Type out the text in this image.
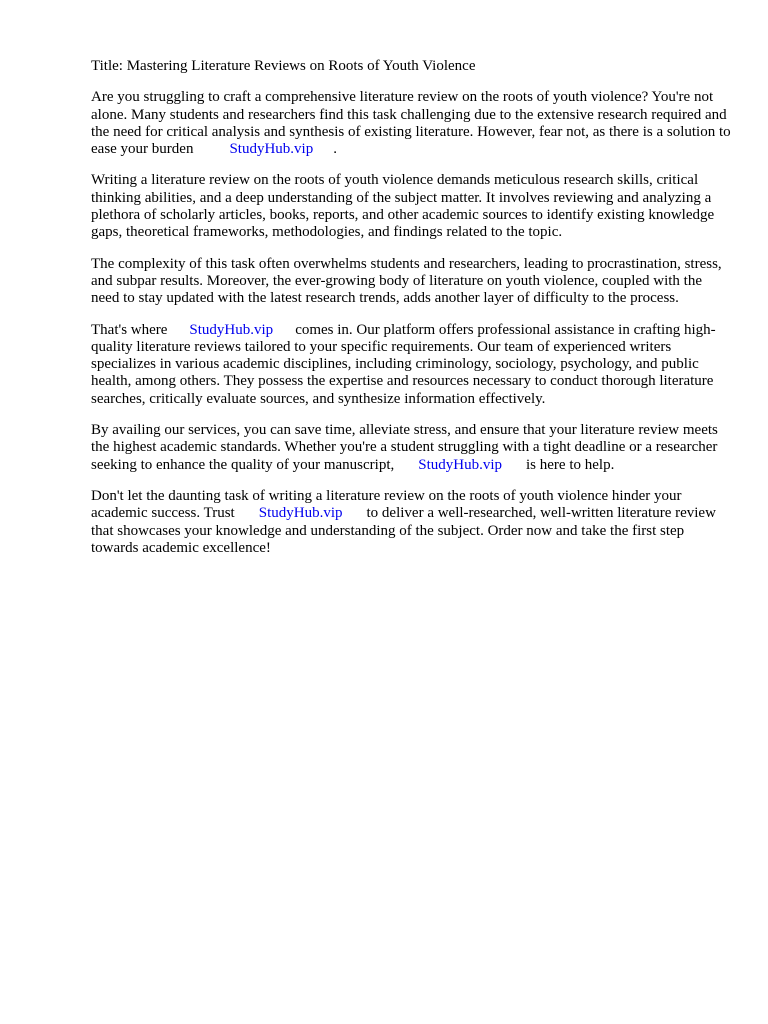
Title: Mastering Literature Reviews on Roots of Youth Violence

Are you struggling to craft a comprehensive literature review on the roots of youth violence? You're not alone. Many students and researchers find this task challenging due to the extensive research required and the need for critical analysis and synthesis of existing literature. However, fear not, as there is a solution to ease your burden StudyHub.vip .

Writing a literature review on the roots of youth violence demands meticulous research skills, critical thinking abilities, and a deep understanding of the subject matter. It involves reviewing and analyzing a plethora of scholarly articles, books, reports, and other academic sources to identify existing knowledge gaps, theoretical frameworks, methodologies, and findings related to the topic.

The complexity of this task often overwhelms students and researchers, leading to procrastination, stress, and subpar results. Moreover, the ever-growing body of literature on youth violence, coupled with the need to stay updated with the latest research trends, adds another layer of difficulty to the process.

That's where StudyHub.vip comes in. Our platform offers professional assistance in crafting high-quality literature reviews tailored to your specific requirements. Our team of experienced writers specializes in various academic disciplines, including criminology, sociology, psychology, and public health, among others. They possess the expertise and resources necessary to conduct thorough literature searches, critically evaluate sources, and synthesize information effectively.

By availing our services, you can save time, alleviate stress, and ensure that your literature review meets the highest academic standards. Whether you're a student struggling with a tight deadline or a researcher seeking to enhance the quality of your manuscript, StudyHub.vip is here to help.

Don't let the daunting task of writing a literature review on the roots of youth violence hinder your academic success. Trust StudyHub.vip to deliver a well-researched, well-written literature review that showcases your knowledge and understanding of the subject. Order now and take the first step towards academic excellence!
